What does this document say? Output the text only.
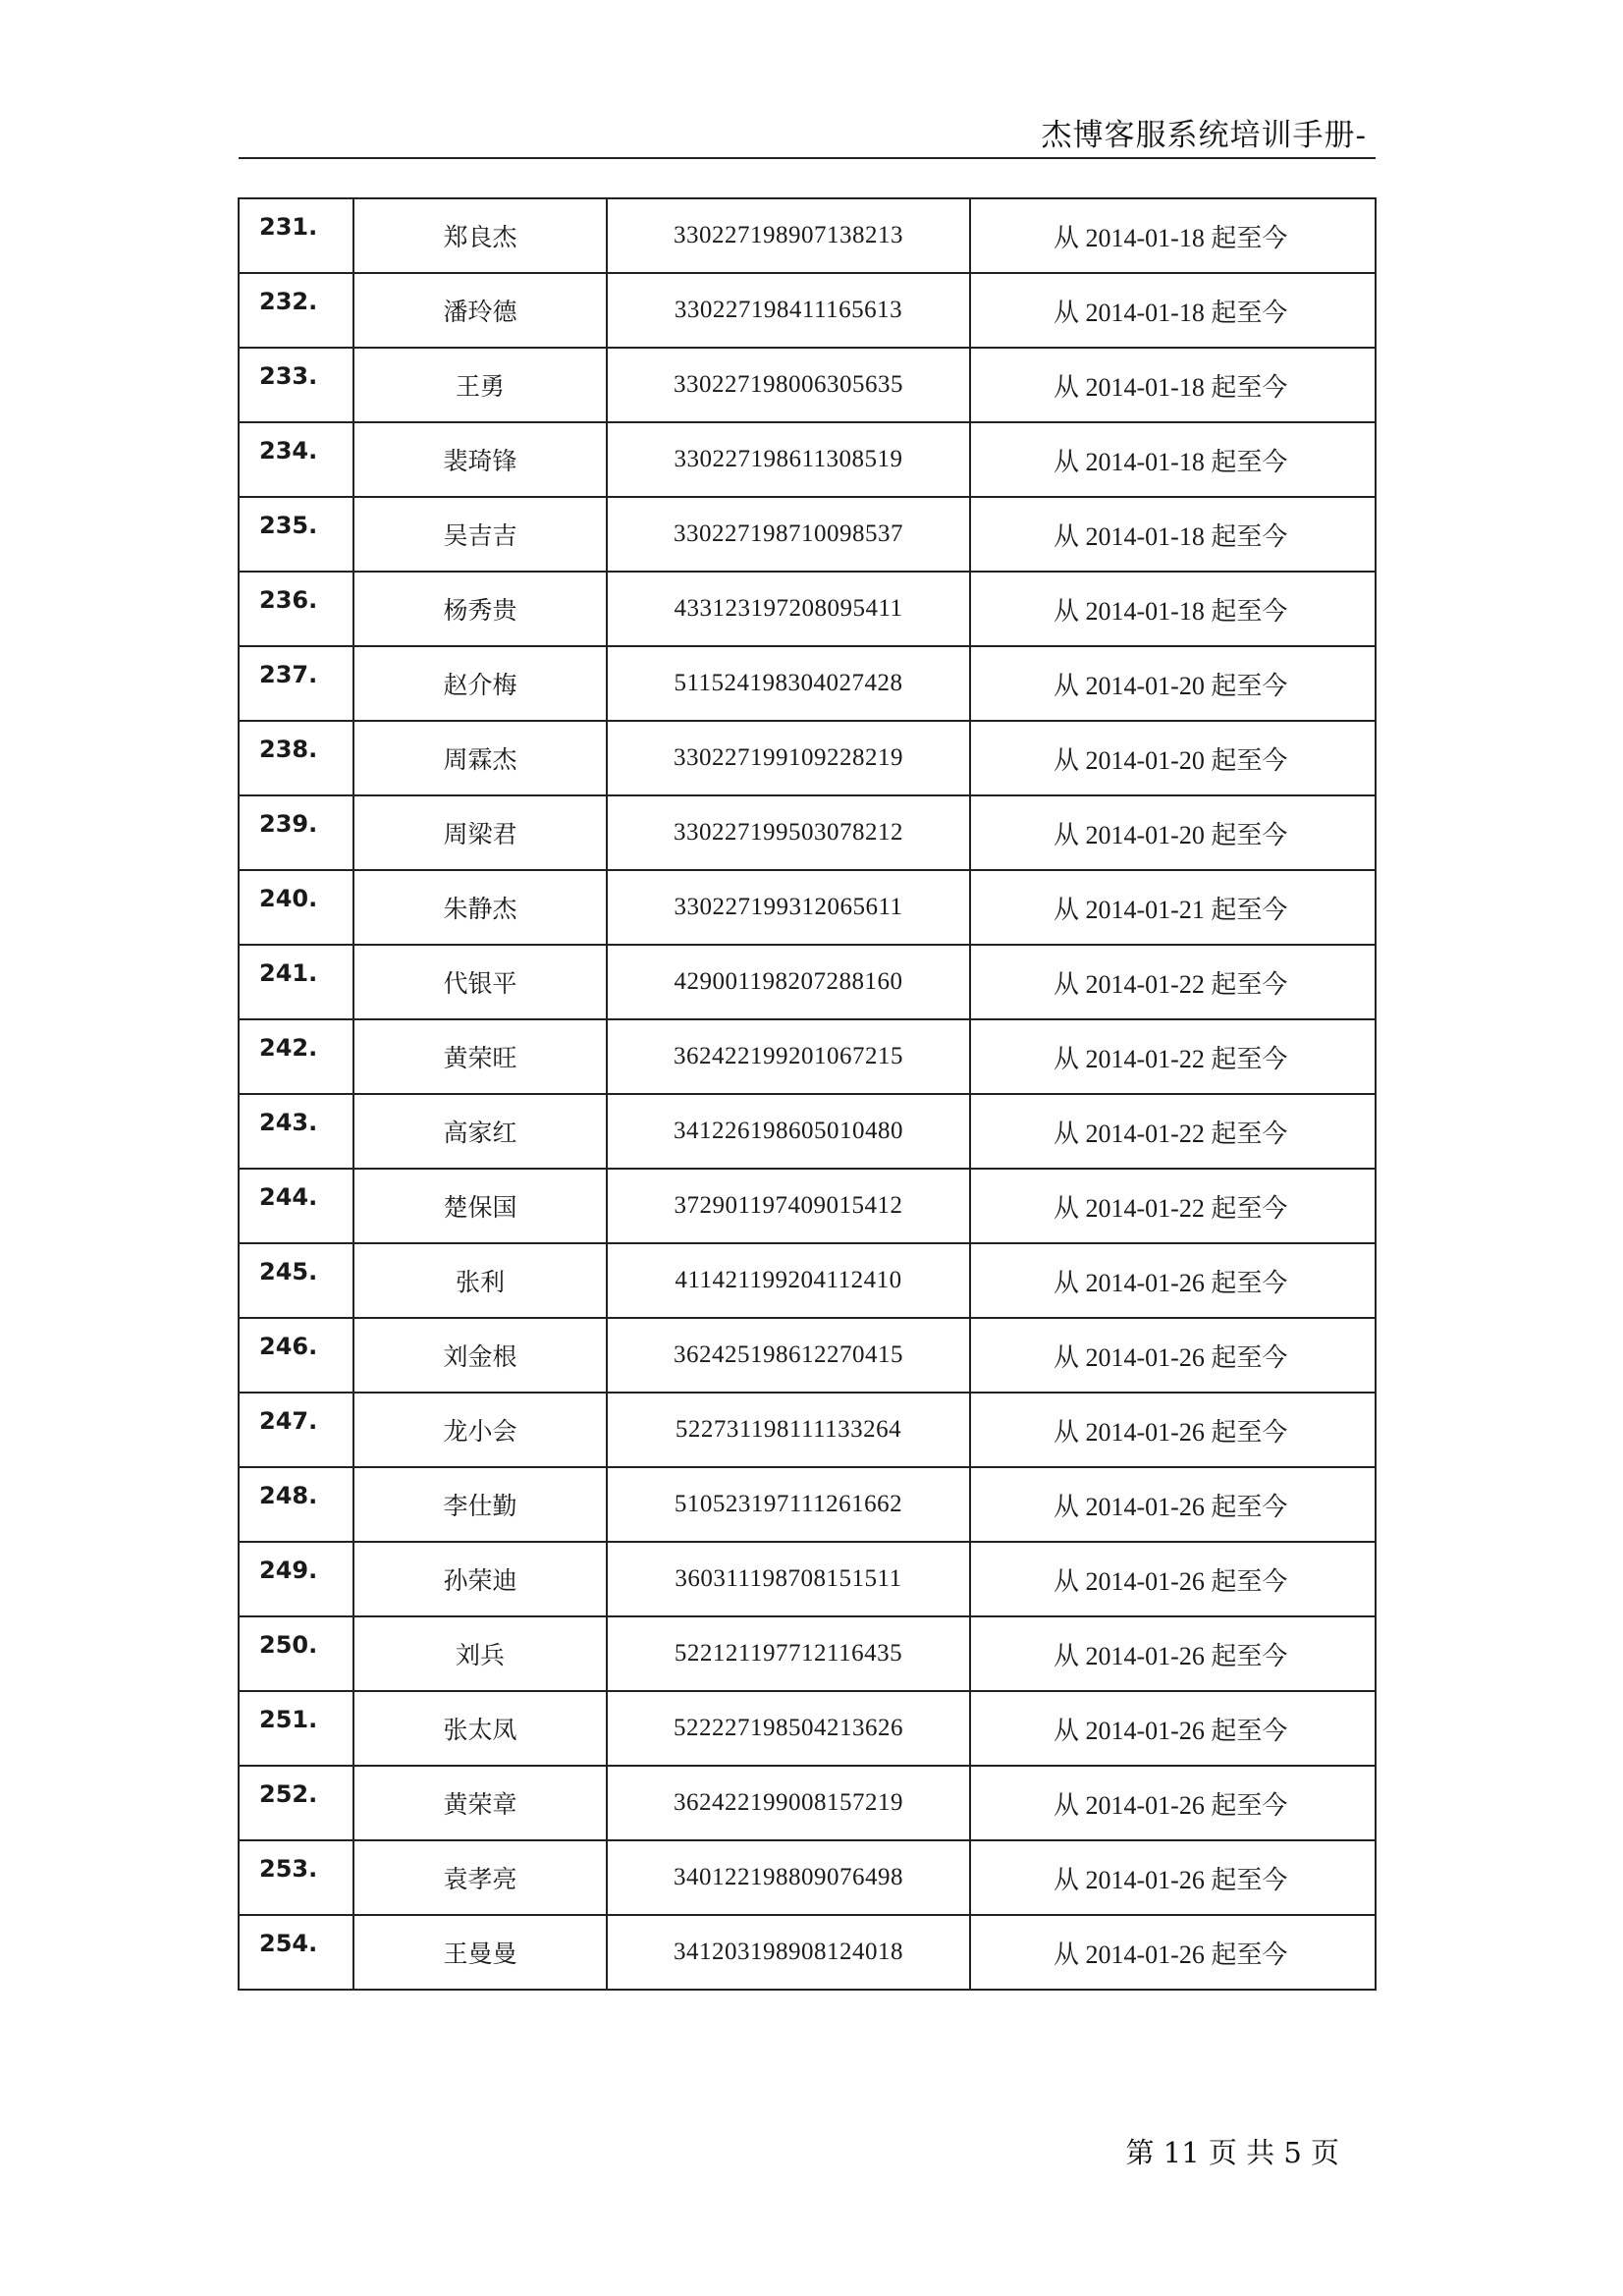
杰博客服系统培训手册-
231.	郑良杰	330227198907138213	从 2014-01-18 起至今
232.	潘玲德	330227198411165613	从 2014-01-18 起至今
233.	王勇	330227198006305635	从 2014-01-18 起至今
234.	裴琦锋	330227198611308519	从 2014-01-18 起至今
235.	吴吉吉	330227198710098537	从 2014-01-18 起至今
236.	杨秀贵	433123197208095411	从 2014-01-18 起至今
237.	赵介梅	511524198304027428	从 2014-01-20 起至今
238.	周霖杰	330227199109228219	从 2014-01-20 起至今
239.	周梁君	330227199503078212	从 2014-01-20 起至今
240.	朱静杰	330227199312065611	从 2014-01-21 起至今
241.	代银平	429001198207288160	从 2014-01-22 起至今
242.	黄荣旺	362422199201067215	从 2014-01-22 起至今
243.	高家红	341226198605010480	从 2014-01-22 起至今
244.	楚保国	372901197409015412	从 2014-01-22 起至今
245.	张利	411421199204112410	从 2014-01-26 起至今
246.	刘金根	362425198612270415	从 2014-01-26 起至今
247.	龙小会	522731198111133264	从 2014-01-26 起至今
248.	李仕勤	510523197111261662	从 2014-01-26 起至今
249.	孙荣迪	360311198708151511	从 2014-01-26 起至今
250.	刘兵	522121197712116435	从 2014-01-26 起至今
251.	张太凤	522227198504213626	从 2014-01-26 起至今
252.	黄荣章	362422199008157219	从 2014-01-26 起至今
253.	袁孝亮	340122198809076498	从 2014-01-26 起至今
254.	王曼曼	341203198908124018	从 2014-01-26 起至今
第 11 页 共 5 页
